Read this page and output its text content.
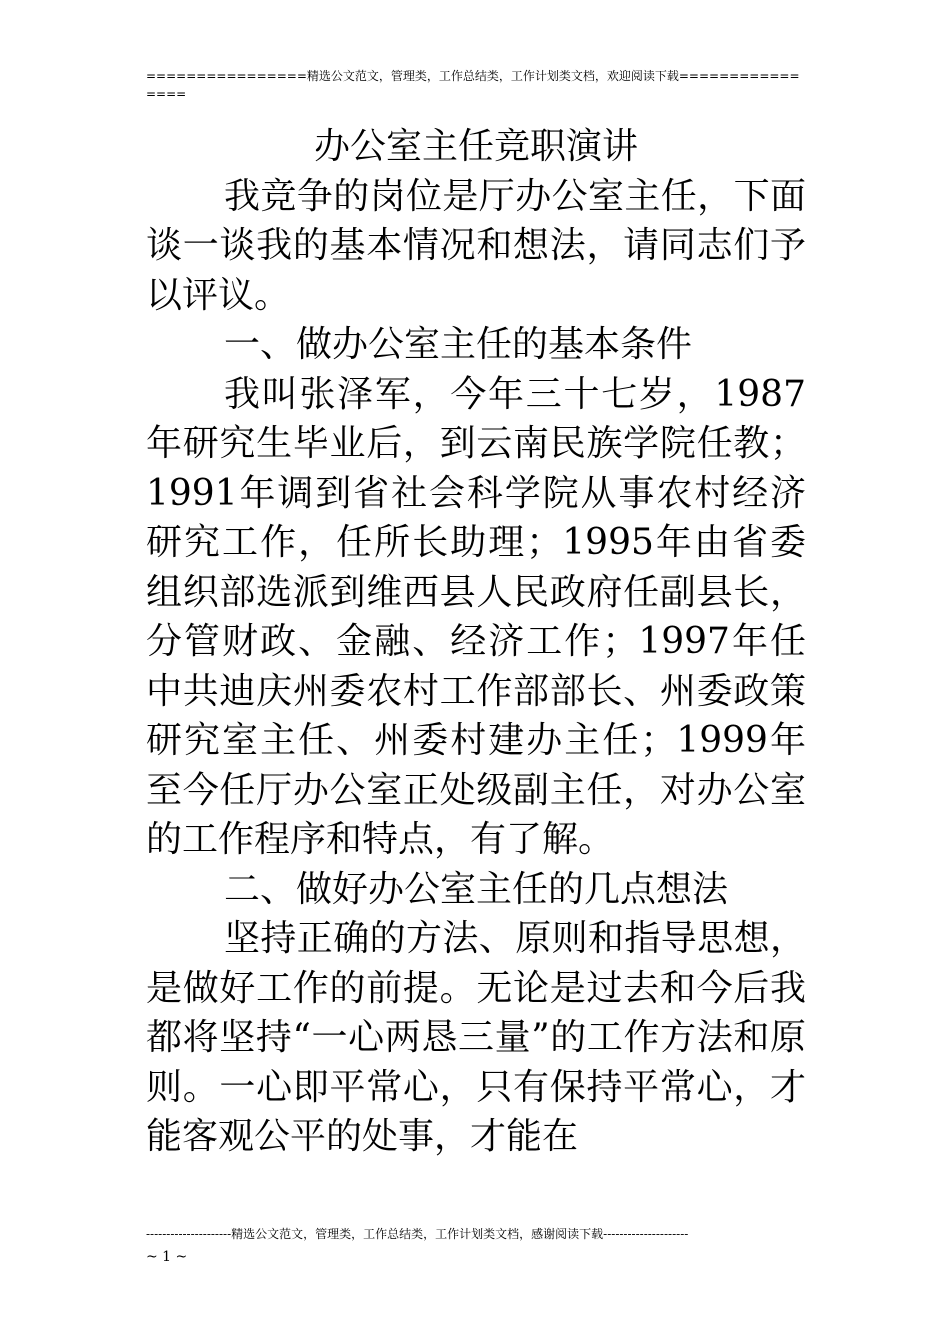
================精选公文范文，管理类，工作总结类，工作计划类文档，欢迎阅读下载============
====
办公室主任竞职演讲

我竞争的岗位是厅办公室主任，下面谈一谈我的基本情况和想法，请同志们予以评议。

一、做办公室主任的基本条件

我叫张泽军，今年三十七岁，1987年研究生毕业后，到云南民族学院任教；1991年调到省社会科学院从事农村经济研究工作，任所长助理；1995年由省委组织部选派到维西县人民政府任副县长，分管财政、金融、经济工作；1997年任中共迪庆州委农村工作部部长、州委政策研究室主任、州委村建办主任；1999年至今任厅办公室正处级副主任，对办公室的工作程序和特点，有了解。

二、做好办公室主任的几点想法

坚持正确的方法、原则和指导思想，是做好工作的前提。无论是过去和今后我都将坚持“一心两恳三量”的工作方法和原则。一心即平常心，只有保持平常心，才能客观公平的处事，才能在

---------------------精选公文范文，管理类，工作总结类，工作计划类文档，感谢阅读下载---------------------
~ 1 ~
